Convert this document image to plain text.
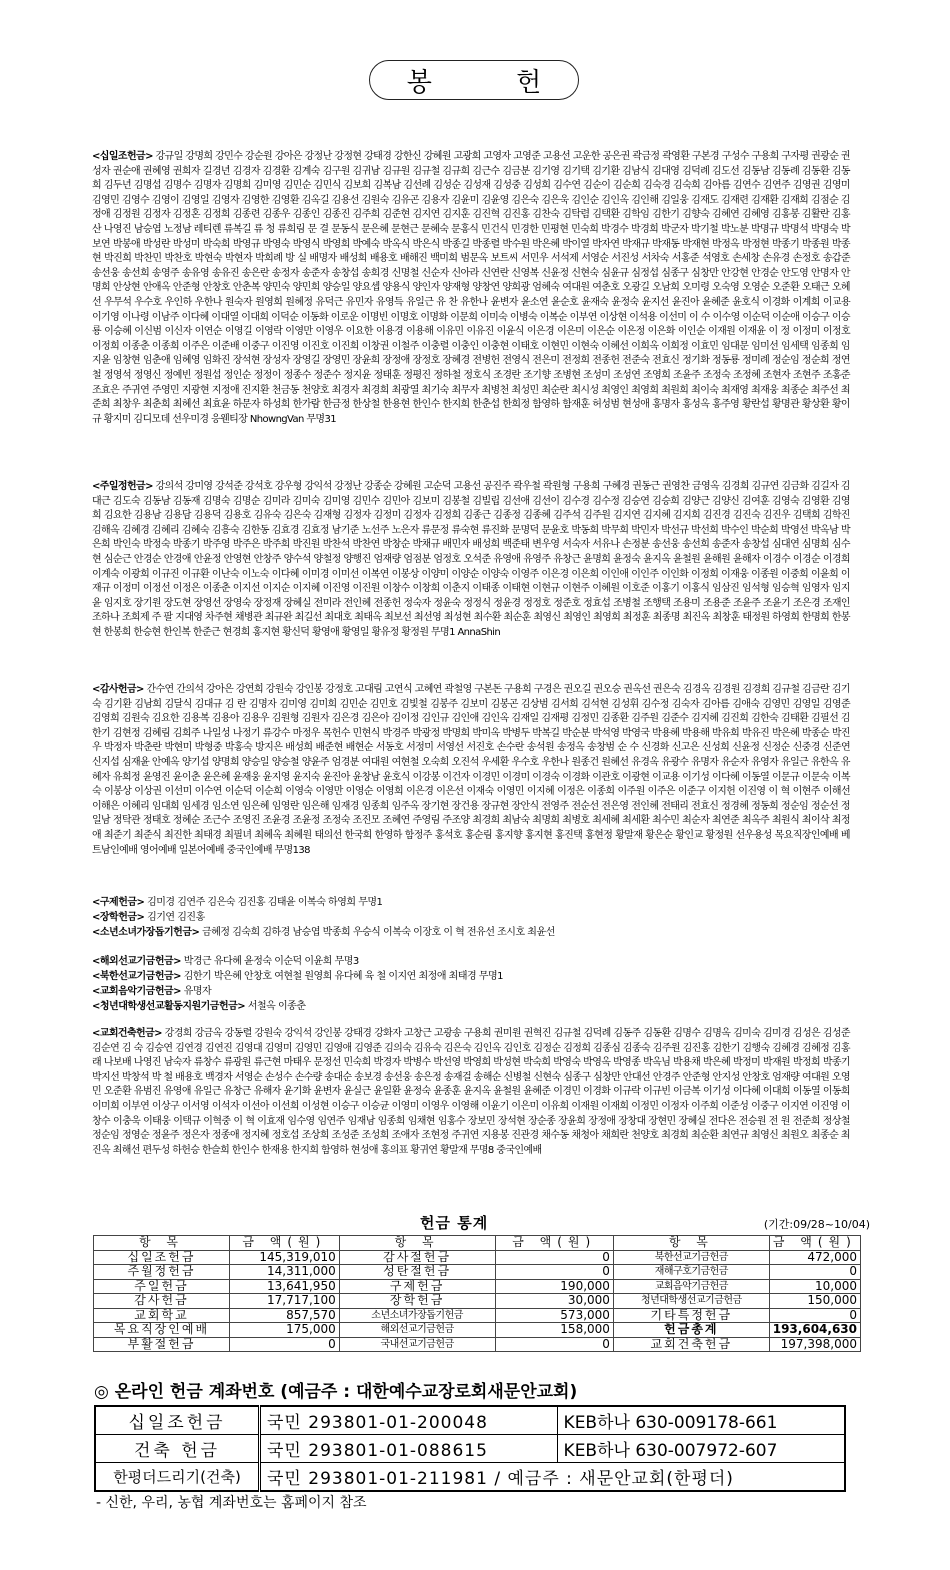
봉 헌
<십일조헌금> 강규일 강명희 강민수 강순원 강아은 강정난 강정현 강태경 강한신 강혜원 고광희 고영자 고영준 고용선 고운한 공은권 곽금정 곽영환 구본경 구성수 구용희 구자평 권광순 권성자 권순애 권혜영 권희자 길경년 김경자 김경환 김계숙 김구원 김귀남 김규원 김규철 김규희 김근수 김금분 김기영 김기택 김기환 김남식 김대영 김덕례 김도선 김동남 김동례 김동환 김동희 김두년 김명섭 김명수 김명자 김명희 김미영 김민순 김민식 김보희 김복남 김선례 김성순 김성재 김성중 김성희 김수연 김순이 김순희 김숙경 김숙희 김아름 김연수 김연주 김영권 김영미 김영민 김영수 김영이 김영일 김영자 김영한 김영환 김옥길 김용선 김원숙 김유곤 김용자 김윤미 김윤영 김은숙 김은욱 김인순 김인옥 김인해 김일웅 김재도 김재련 김재환 김재희 김점순 김정애 김정원 김정자 김정혼 김정희 김종련 김종우 김종인 김종진 김주희 김준현 김지연 김지훈 김진혁 김진홍 김찬숙 김탁렴 김택환 김학임 김한기 김향숙 김혜연 김혜영 김홍봉 김활란 김홍산 나영진 남승엽 노정남 레티렌 류복길 류 청 류희림 문 결 문동식 문은혜 문현근 문혜숙 문홍식 민건식 민경한 민평현 민숙희 박경수 박경희 박군자 박기철 박노분 박명규 박명석 박명숙 박보연 박봉애 박성란 박성미 박숙희 박영규 박영숙 박영식 박영희 박예숙 박옥식 박은식 박종길 박종렬 박수원 박은혜 박이열 박자연 박재규 박재동 박재현 박정옥 박정현 박종기 박종원 박종현 박진희 박찬민 박찬호 박현숙 박현자 박희례 방 실 배명자 배성희 배용호 배해진 백미희 범문옥 보트씨 서민우 서석제 서영순 서진성 서차숙 서홍준 석영호 손세창 손유경 손정호 송갑준 송선웅 송선희 송영주 송유영 송유진 송은란 송정자 송준자 송창섭 송희경 신명철 신순자 신아라 신연란 신영복 신윤정 신현숙 심윤규 심정섭 심종구 심창만 안강현 안경순 안도영 안명자 안명희 안상현 안애옥 안준형 안창호 안춘복 양민숙 양민희 양승일 양요셉 양용식 양인자 양재형 양창연 양희광 엄혜숙 여대원 여춘호 오광길 오남희 오미령 오숙영 오영순 오준환 오태근 오혜선 우무석 우수호 우인하 우한나 원숙자 원영희 원혜정 유덕근 유민자 유영득 유일근 유 찬 유한나 윤변자 윤소연 윤순호 윤재숙 윤정숙 윤지선 윤진아 윤혜준 윤호식 이경화 이계희 이교용 이기영 이나령 이남주 이다혜 이대열 이대희 이덕순 이동화 이로운 이명빈 이명호 이명화 이문희 이미숙 이병숙 이복순 이부연 이상현 이석용 이선미 이 수 이수영 이순덕 이순애 이승구 이승룡 이승혜 이신범 이신자 이연순 이영길 이영락 이영만 이영우 이요한 이용경 이용해 이유민 이유진 이윤식 이은경 이은미 이은순 이은정 이은화 이인순 이재원 이재윤 이 정 이정미 이정호 이정희 이종춘 이종희 이주은 이준배 이중구 이진영 이진호 이진희 이창권 이철주 이충렬 이충인 이충현 이태호 이현민 이현숙 이혜선 이희옥 이희정 이효민 임대문 임미선 임세택 임종희 임지윤 임창현 임춘애 임혜영 임화진 장석현 장성자 장영길 장영민 장윤희 장정애 장정호 장혜경 전병헌 전영식 전은미 전정희 전종헌 전준숙 전효신 정기화 정동룡 정미례 정순임 정순희 정연철 정영석 정영신 정예빈 정원섭 정인순 정정이 정종수 정준수 정지윤 정태훈 정평진 정하철 정호식 조경란 조기향 조병현 조성미 조성연 조영희 조윤주 조정숙 조정혜 조현자 조현주 조홍준 조효은 주귀연 주영민 지광현 지정애 진지환 천금동 천양호 최경자 최경희 최광열 최기숙 최무자 최병천 최성민 최순란 최시성 최영인 최영희 최원희 최이숙 최재영 최재웅 최종순 최주선 최준희 최창우 최춘희 최혜선 최효윤 하문자 하성희 한가람 한금정 한상철 한용현 한인수 한지희 한춘섭 한희정 함영하 함재훈 허성범 현성애 홍명자 홍성옥 홍주영 황란섭 황명관 황상환 황이규 황지미 김디모데 선우미경 응웬티장 NhowngVan 무명31
<주일정헌금> 강의석 강미영 강석준 강석호 강우형 강익석 강정난 강종순 강혜원 고순덕 고용선 공진주 곽우철 곽원형 구용희 구혜경 권동근 권영찬 금영옥 김경희 김규연 김금화 김길자 김대근 김도숙 김동남 김동재 김명숙 김명순 김미라 김미숙 김미영 김민수 김민아 김보미 김봉철 김빌립 김선애 김선이 김수경 김수정 김승연 김승희 김양근 김양신 김여훈 김영숙 김영환 김영희 김요한 김용남 김용담 김용덕 김용호 김유숙 김은숙 김재형 김정자 김정미 김정자 김정희 김종근 김종정 김종혜 김주석 김주원 김지연 김지혜 김지희 김진경 김진숙 김진우 김택희 김학진 김해옥 김혜경 김혜리 김혜숙 김흥숙 김한동 김효경 김효정 남기준 노선주 노은자 류문정 류숙현 류진화 문명덕 문윤호 박동희 박무희 박민자 박선규 박선희 박수인 박순희 박영선 박옥남 박은희 박인숙 박정숙 박종기 박주영 박주은 박주희 박진원 박찬석 박찬연 박창순 박채규 배민자 배성희 백준태 변우영 서숙자 서유나 손정분 송선웅 송선희 송준자 송창섭 심대연 심명희 심수현 심순근 안경순 안경애 안윤정 안영현 안창주 양수석 양철정 양행진 엄재량 엄점분 엄정호 오석준 유영애 유영주 유창근 윤명희 윤정숙 윤지옥 윤철원 윤해원 윤해자 이경수 이경순 이경희 이계숙 이광희 이규진 이규환 이난숙 이노숙 이다혜 이미경 이미선 이복연 이봉상 이양미 이양순 이양숙 이영주 이은경 이은희 이인애 이인주 이인화 이정희 이재웅 이종원 이중희 이윤희 이재규 이정미 이정선 이정은 이종춘 이지선 이지순 이지혜 이진영 이진원 이창수 이창희 이춘지 이태종 이태현 이현규 이현주 이혜원 이호준 이홍기 이홍식 임삼진 임석형 임승혁 임영자 임지윤 임지호 장기원 장도현 장영선 장영숙 장정재 장혜실 전미라 전인혜 전종헌 정숙자 정윤숙 정정식 정윤경 정정호 정준호 정효섭 조병철 조행택 조용미 조용준 조윤주 조윤기 조은경 조재인 조하나 조희제 주 팔 지대영 차주현 채병관 최규완 최길선 최대호 최태옥 최보선 최선영 최성현 최수환 최순훈 최영신 최영인 최영희 최정훈 최종명 최진옥 최창훈 태정원 하영희 한명희 한봉현 한봉희 한승현 한인복 한준근 현경희 홍지현 황신덕 황영애 황영일 황유정 황정원 무명1 AnnaShin
<감사헌금> 간수연 간의석 강아은 강연희 강원숙 강인봉 강정호 고대림 고연식 고혜연 곽철영 구본돈 구용희 구경은 권오길 권오승 권옥선 권은숙 김경옥 김경원 김경희 김규철 김금란 김기숙 김기환 김남희 김달식 김대규 김 란 김명자 김미영 김미희 김민순 김민호 김빛철 김봉주 김보미 김봉곤 김상범 김서희 김석현 김성휘 김수정 김숙자 김아름 김애숙 김영민 김영일 김영준 김영희 김원숙 김요한 김용복 김용아 김용우 김원형 김원자 김은경 김은아 김이정 김인규 김인애 김인옥 김재일 김재평 김정민 김종환 김주원 김준수 김지혜 김진희 김한숙 김태환 김필선 김한기 김현정 김혜림 김희주 나일성 나정기 류강수 마정우 목헌수 민현식 박경주 박광정 박명희 박미옥 박병두 박복길 박순분 박석영 박영국 박용혜 박용해 박유희 박유진 박은혜 박종순 박진우 박정자 박춘란 박현미 박형중 박홍숙 방지은 배성희 배준현 배현순 서동호 서정미 서영선 서진호 손수란 송석원 송정옥 송창범 순 수 신경화 신고은 신성희 신윤정 신정순 신중경 신준연 신지섭 심재윤 안예옥 양기섭 양명희 양승일 양승철 양윤주 엄경분 여대원 여현철 오숙희 오진석 우세환 우수호 우한나 원종건 원혜선 유경옥 유광수 유명자 유순자 유영자 유일근 유한옥 유혜자 유희정 윤영진 윤이춘 윤은혜 윤재웅 윤지영 윤지숙 윤진아 윤창남 윤호식 이강봉 이건자 이경민 이경미 이경숙 이경화 이관호 이광현 이교용 이기성 이다혜 이동열 이문규 이문숙 이복숙 이봉상 이상권 이선미 이수연 이순덕 이순희 이영숙 이영만 이영순 이영희 이은경 이은선 이재숙 이영민 이지혜 이정은 이종희 이주원 이주은 이준구 이지헌 이진영 이 혁 이현주 이해선 이해은 이혜리 임대희 임세경 임소연 임은혜 임영란 임은해 임재경 임종희 임주옥 장기현 장건용 장규현 장안식 전영주 전순선 전은영 전인혜 전태리 전효신 정경혜 정동희 정순임 정순선 정일남 정탁관 정태호 정혜순 조근수 조영진 조윤경 조윤정 조정숙 조진모 조혜연 주영림 주조양 최경희 최남숙 최명희 최병호 최세혜 최세환 최수민 최순자 최연준 최옥주 최원식 최이삭 최정애 최준기 최준식 최진한 최태경 최필녀 최혜옥 최혜원 태의선 한국희 한영하 함정주 홍석호 홍순림 홍지향 홍지현 홍진택 홍현정 황말재 황은순 황인교 황정원 선우용성 목요직장인예배 베트남인예배 영어예배 일본어예배 중국인예배 무명138
<구제헌금> 김미경 김연주 김은숙 김진홍 김태윤 이복숙 하영희 무명1
<장학헌금> 김기연 김진홍
<소년소녀가장돕기헌금> 금혜정 김숙희 김하경 남승엽 박종희 우승식 이복숙 이장호 이 혁 전유선 조시호 최윤선
<해외선교기금헌금> 박경근 유다혜 윤정숙 이순덕 이윤희 무명3
<북한선교기금헌금> 김한기 박은혜 안창호 여현철 원영희 유다혜 육 철 이지연 최정애 최태경 무명1
<교회음악기금헌금> 유명자
<청년대학생선교활동지원기금헌금> 서철옥 이종춘
<교회건축헌금> 강경희 강금옥 강동렬 강원숙 강익석 강인봉 강태경 강화자 고창근 고광송 구용희 권미원 권혁진 김규철 김덕례 김동주 김동환 김명수 김명옥 김미숙 김미경 김성은 김성준 김순연 김 숙 김승연 김연경 김연진 김영대 김영미 김영민 김영애 김영준 김의숙 김유숙 김은숙 김인옥 김인호 김정순 김정희 김종심 김종숙 김주원 김진홍 김한기 김행숙 김혜경 김혜정 김홍래 나보배 나영진 남숙자 류창수 류광원 류근현 마태우 문정선 민숙희 박경자 박병수 박선영 박영희 박성현 박숙희 박영숙 박영옥 박영종 박옥님 박용채 박은혜 박정미 박재원 박정희 박종기 박지선 박창석 박 철 배용호 백경자 서영순 손성수 손수량 송대순 송보경 송선웅 송은정 송재걸 송해순 신병철 신현숙 심종구 심창만 안대선 안경주 안준형 안지성 안창호 엄재량 여대원 오영민 오준환 유범진 유영애 유일근 유창근 유해자 윤기화 윤변자 윤실근 윤일환 윤정숙 윤종훈 윤지옥 윤철원 윤혜준 이경민 이경화 이규락 이규빈 이금복 이기성 이다혜 이대희 이동열 이동희 이미희 이부연 이상구 이서영 이석자 이선아 이선희 이성현 이승구 이승균 이영미 이영우 이영해 이윤기 이은미 이유희 이재원 이재희 이정민 이정자 이주희 이준성 이중구 이지연 이진영 이창수 이충욱 이태웅 이택규 이혁중 이 혁 이효재 임수영 임연주 임재남 임종희 임채현 임홍수 장보민 장석현 장순종 장윤희 장정애 장창대 장현민 장혜실 전다은 전승원 전 원 전준희 정상철 정순임 정영순 정윤주 정은자 정종애 정지혜 정호섭 조상희 조성준 조성희 조애자 조현정 주귀연 지용봉 진관경 채수동 채청아 채희란 천양호 최경희 최순환 최연규 최영신 최원오 최종순 최진옥 최해선 편두성 하헌승 한슬희 한인수 한재용 한지희 함영하 현성애 홍의표 황귀연 황말재 무명8 중국인예배
헌금 통계	(기간:09/28~10/04)
항 목	금 액(원)	항 목	금 액(원)	항 목	금 액(원)
십일조헌금	145,319,010	감사절헌금	0	북한선교기금헌금	472,000
주월정헌금	14,311,000	성탄절헌금	0	재해구호기금헌금	0
주일헌금	13,641,950	구제헌금	190,000	교회음악기금헌금	10,000
감사헌금	17,717,100	장학헌금	30,000	청년대학생선교기금헌금	150,000
교회학교	857,570	소년소녀가장돕기헌금	573,000	기타특정헌금	0
목요직장인예배	175,000	해외선교기금헌금	158,000	헌금총계	193,604,630
부활절헌금	0	국내선교기금헌금	0	교회건축헌금	197,398,000
◎ 온라인 헌금 계좌번호 (예금주 : 대한예수교장로회새문안교회)
십일조헌금	국민 293801-01-200048	KEB하나 630-009178-661
건축 헌금	국민 293801-01-088615	KEB하나 630-007972-607
한평더드리기(건축)	국민 293801-01-211981 / 예금주 : 새문안교회(한평더)	
- 신한, 우리, 농협 계좌번호는 홈페이지 참조
